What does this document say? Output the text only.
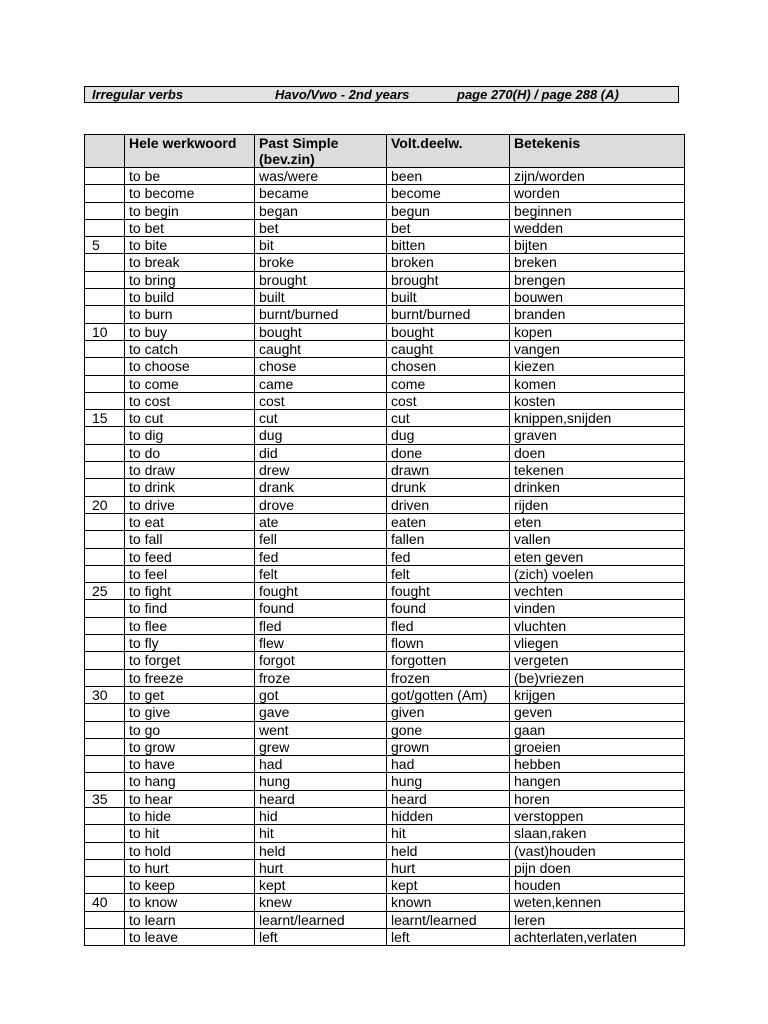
Irregular verbs	Havo/Vwo - 2nd years	page 270(H) / page 288 (A)
	Hele werkwoord	Past Simple (bev.zin)	Volt.deelw.	Betekenis
	to be	was/were	been	zijn/worden
	to become	became	become	worden
	to begin	began	begun	beginnen
	to bet	bet	bet	wedden
5	to bite	bit	bitten	bijten
	to break	broke	broken	breken
	to bring	brought	brought	brengen
	to build	built	built	bouwen
	to burn	burnt/burned	burnt/burned	branden
10	to buy	bought	bought	kopen
	to catch	caught	caught	vangen
	to choose	chose	chosen	kiezen
	to come	came	come	komen
	to cost	cost	cost	kosten
15	to cut	cut	cut	knippen,snijden
	to dig	dug	dug	graven
	to do	did	done	doen
	to draw	drew	drawn	tekenen
	to drink	drank	drunk	drinken
20	to drive	drove	driven	rijden
	to eat	ate	eaten	eten
	to fall	fell	fallen	vallen
	to feed	fed	fed	eten geven
	to feel	felt	felt	(zich) voelen
25	to fight	fought	fought	vechten
	to find	found	found	vinden
	to flee	fled	fled	vluchten
	to fly	flew	flown	vliegen
	to forget	forgot	forgotten	vergeten
	to freeze	froze	frozen	(be)vriezen
30	to get	got	got/gotten (Am)	krijgen
	to give	gave	given	geven
	to go	went	gone	gaan
	to grow	grew	grown	groeien
	to have	had	had	hebben
	to hang	hung	hung	hangen
35	to hear	heard	heard	horen
	to hide	hid	hidden	verstoppen
	to hit	hit	hit	slaan,raken
	to hold	held	held	(vast)houden
	to hurt	hurt	hurt	pijn doen
	to keep	kept	kept	houden
40	to know	knew	known	weten,kennen
	to learn	learnt/learned	learnt/learned	leren
	to leave	left	left	achterlaten,verlaten
